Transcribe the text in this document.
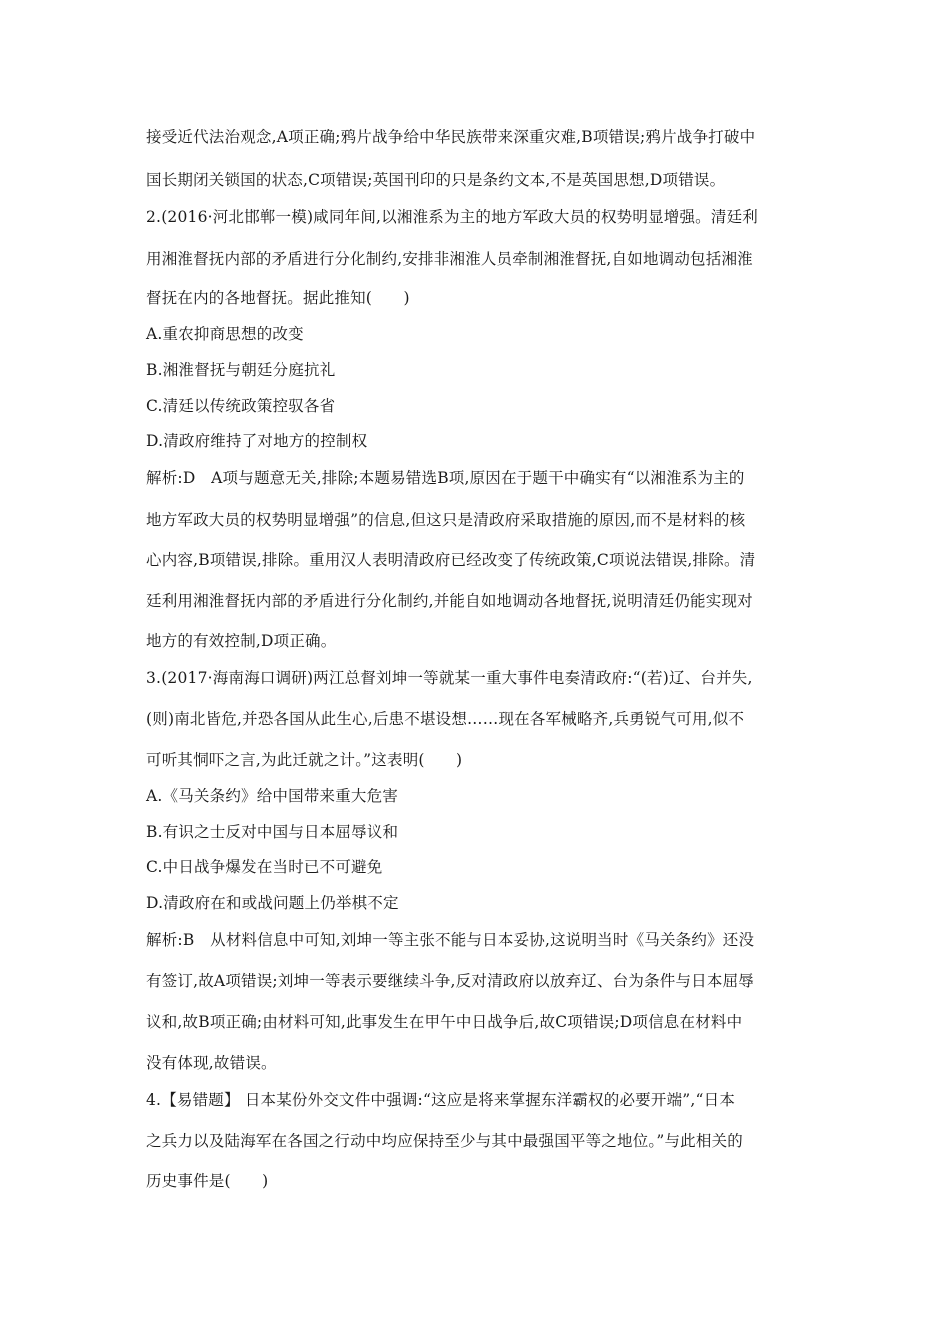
接受近代法治观念,A项正确;鸦片战争给中华民族带来深重灾难,B项错误;鸦片战争打破中
国长期闭关锁国的状态,C项错误;英国刊印的只是条约文本,不是英国思想,D项错误。
2.(2016·河北邯郸一模)咸同年间,以湘淮系为主的地方军政大员的权势明显增强。清廷利
用湘淮督抚内部的矛盾进行分化制约,安排非湘淮人员牵制湘淮督抚,自如地调动包括湘淮
督抚在内的各地督抚。据此推知(　　)
A.重农抑商思想的改变
B.湘淮督抚与朝廷分庭抗礼
C.清廷以传统政策控驭各省
D.清政府维持了对地方的控制权
解析:D　A项与题意无关,排除;本题易错选B项,原因在于题干中确实有“以湘淮系为主的
地方军政大员的权势明显增强”的信息,但这只是清政府采取措施的原因,而不是材料的核
心内容,B项错误,排除。重用汉人表明清政府已经改变了传统政策,C项说法错误,排除。清
廷利用湘淮督抚内部的矛盾进行分化制约,并能自如地调动各地督抚,说明清廷仍能实现对
地方的有效控制,D项正确。
3.(2017·海南海口调研)两江总督刘坤一等就某一重大事件电奏清政府:“(若)辽、台并失,
(则)南北皆危,并恐各国从此生心,后患不堪设想……现在各军械略齐,兵勇锐气可用,似不
可听其恫吓之言,为此迁就之计。”这表明(　　)
A.《马关条约》给中国带来重大危害
B.有识之士反对中国与日本屈辱议和
C.中日战争爆发在当时已不可避免
D.清政府在和或战问题上仍举棋不定
解析:B　从材料信息中可知,刘坤一等主张不能与日本妥协,这说明当时《马关条约》还没
有签订,故A项错误;刘坤一等表示要继续斗争,反对清政府以放弃辽、台为条件与日本屈辱
议和,故B项正确;由材料可知,此事发生在甲午中日战争后,故C项错误;D项信息在材料中
没有体现,故错误。
4.【易错题】 日本某份外交文件中强调:“这应是将来掌握东洋霸权的必要开端”,“日本
之兵力以及陆海军在各国之行动中均应保持至少与其中最强国平等之地位。”与此相关的
历史事件是(　　)
